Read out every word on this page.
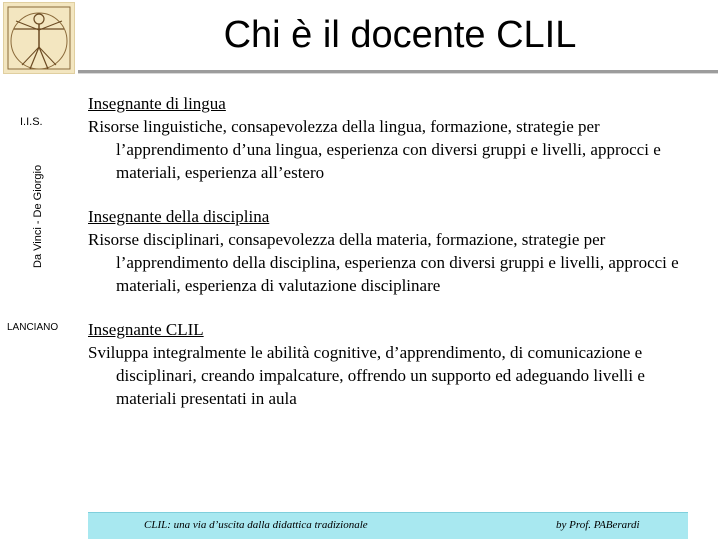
Chi è il docente CLIL
I.I.S.
Da Vinci - De Giorgio
LANCIANO
Insegnante di lingua
Risorse linguistiche, consapevolezza della lingua, formazione, strategie per l’apprendimento d’una lingua, esperienza con diversi gruppi e livelli, approcci e materiali, esperienza all’estero
Insegnante della disciplina
Risorse disciplinari, consapevolezza della materia, formazione, strategie per l’apprendimento della disciplina, esperienza con diversi gruppi e livelli, approcci e materiali, esperienza di valutazione disciplinare
Insegnante CLIL
Sviluppa integralmente le abilità cognitive, d’apprendimento, di comunicazione e disciplinari, creando impalcature, offrendo un supporto ed adeguando livelli e materiali presentati in aula
CLIL: una via d’uscita dalla didattica tradizionale	by Prof. PABerardi
